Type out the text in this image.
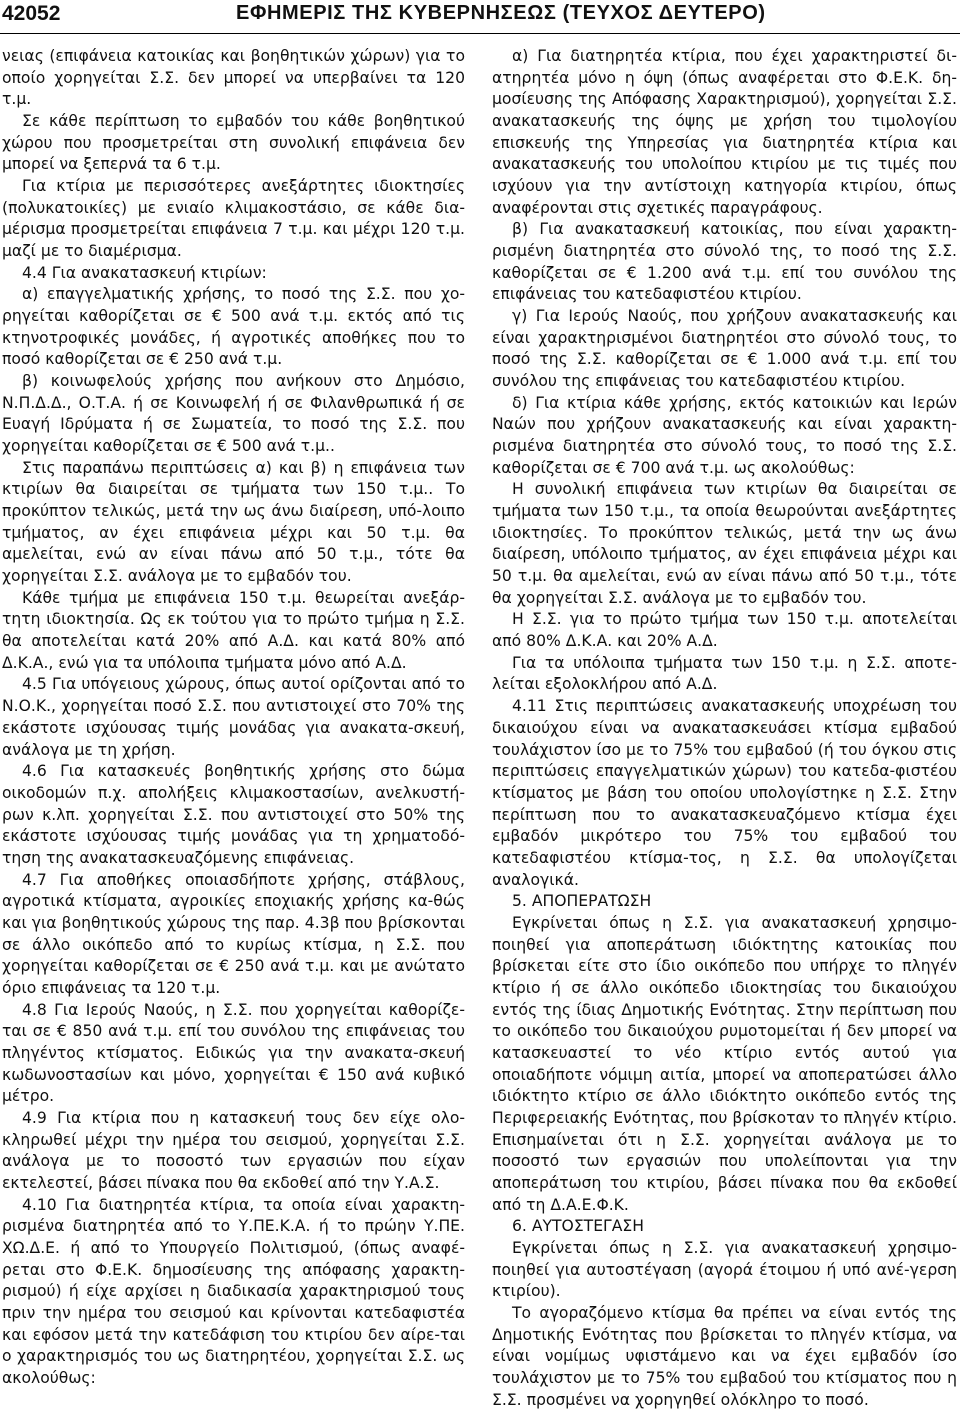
42052	ΕΦΗΜΕΡΙΣ ΤΗΣ ΚΥΒΕΡΝΗΣΕΩΣ (ΤΕΥΧΟΣ ΔΕΥΤΕΡΟ)

νειας (επιφάνεια κατοικίας και βοηθητικών χώρων) για το οποίο χορηγείται Σ.Σ. δεν μπορεί να υπερβαίνει τα 120 τ.μ.

Σε κάθε περίπτωση το εμβαδόν του κάθε βοηθητικού χώρου που προσμετρείται στη συνολική επιφάνεια δεν μπορεί να ξεπερνά τα 6 τ.μ.

Για κτίρια με περισσότερες ανεξάρτητες ιδιοκτησίες (πολυκατοικίες) με ενιαίο κλιμακοστάσιο, σε κάθε δια-μέρισμα προσμετρείται επιφάνεια 7 τ.μ. και μέχρι 120 τ.μ. μαζί με το διαμέρισμα.

4.4 Για ανακατασκευή κτιρίων:

α) επαγγελματικής χρήσης, το ποσό της Σ.Σ. που χο-ρηγείται καθορίζεται σε € 500 ανά τ.μ. εκτός από τις κτηνοτροφικές μονάδες, ή αγροτικές αποθήκες που το ποσό καθορίζεται σε € 250 ανά τ.μ.

β) κοινωφελούς χρήσης που ανήκουν στο Δημόσιο, Ν.Π.Δ.Δ., Ο.Τ.Α. ή σε Κοινωφελή ή σε Φιλανθρωπικά ή σε Ευαγή Ιδρύματα ή σε Σωματεία, το ποσό της Σ.Σ. που χορηγείται καθορίζεται σε € 500 ανά τ.μ..

Στις παραπάνω περιπτώσεις α) και β) η επιφάνεια των κτιρίων θα διαιρείται σε τμήματα των 150 τ.μ.. Το προκύπτον τελικώς, μετά την ως άνω διαίρεση, υπό-λοιπο τμήματος, αν έχει επιφάνεια μέχρι και 50 τ.μ. θα αμελείται, ενώ αν είναι πάνω από 50 τ.μ., τότε θα χορηγείται Σ.Σ. ανάλογα με το εμβαδόν του.

Κάθε τμήμα με επιφάνεια 150 τ.μ. θεωρείται ανεξάρ-τητη ιδιοκτησία. Ως εκ τούτου για το πρώτο τμήμα η Σ.Σ. θα αποτελείται κατά 20% από Α.Δ. και κατά 80% από Δ.Κ.Α., ενώ για τα υπόλοιπα τμήματα μόνο από Α.Δ.

4.5 Για υπόγειους χώρους, όπως αυτοί ορίζονται από το Ν.Ο.Κ., χορηγείται ποσό Σ.Σ. που αντιστοιχεί στο 70% της εκάστοτε ισχύουσας τιμής μονάδας για ανακατα-σκευή, ανάλογα με τη χρήση.

4.6 Για κατασκευές βοηθητικής χρήσης στο δώμα οικοδομών π.χ. απολήξεις κλιμακοστασίων, ανελκυστή-ρων κ.λπ. χορηγείται Σ.Σ. που αντιστοιχεί στο 50% της εκάστοτε ισχύουσας τιμής μονάδας για τη χρηματοδό-τηση της ανακατασκευαζόμενης επιφάνειας.

4.7 Για αποθήκες οποιασδήποτε χρήσης, στάβλους, αγροτικά κτίσματα, αγροικίες εποχιακής χρήσης κα-θώς και για βοηθητικούς χώρους της παρ. 4.3β που βρίσκονται σε άλλο οικόπεδο από το κυρίως κτίσμα, η Σ.Σ. που χορηγείται καθορίζεται σε € 250 ανά τ.μ. και με ανώτατο όριο επιφάνειας τα 120 τ.μ.

4.8 Για Ιερούς Ναούς, η Σ.Σ. που χορηγείται καθορίζε-ται σε € 850 ανά τ.μ. επί του συνόλου της επιφάνειας του πληγέντος κτίσματος. Ειδικώς για την ανακατα-σκευή κωδωνοστασίων και μόνο, χορηγείται € 150 ανά κυβικό μέτρο.

4.9 Για κτίρια που η κατασκευή τους δεν είχε ολο-κληρωθεί μέχρι την ημέρα του σεισμού, χορηγείται Σ.Σ. ανάλογα με το ποσοστό των εργασιών που είχαν εκτελεστεί, βάσει πίνακα που θα εκδοθεί από την Υ.Α.Σ.

4.10 Για διατηρητέα κτίρια, τα οποία είναι χαρακτη-ρισμένα διατηρητέα από το Υ.ΠΕ.Κ.Α. ή το πρώην Υ.ΠΕ. ΧΩ.Δ.Ε. ή από το Υπουργείο Πολιτισμού, (όπως αναφέ-ρεται στο Φ.Ε.Κ. δημοσίευσης της απόφασης χαρακτη-ρισμού) ή είχε αρχίσει η διαδικασία χαρακτηρισμού τους πριν την ημέρα του σεισμού και κρίνονται κατεδαφιστέα και εφόσον μετά την κατεδάφιση του κτιρίου δεν αίρε-ται ο χαρακτηρισμός του ως διατηρητέου, χορηγείται Σ.Σ. ως ακολούθως:

α) Για διατηρητέα κτίρια, που έχει χαρακτηριστεί δι-ατηρητέα μόνο η όψη (όπως αναφέρεται στο Φ.Ε.Κ. δη-μοσίευσης της Απόφασης Χαρακτηρισμού), χορηγείται Σ.Σ. ανακατασκευής της όψης με χρήση του τιμολογίου επισκευής της Υπηρεσίας για διατηρητέα κτίρια και ανακατασκευής του υπολοίπου κτιρίου με τις τιμές που ισχύουν για την αντίστοιχη κατηγορία κτιρίου, όπως αναφέρονται στις σχετικές παραγράφους.

β) Για ανακατασκευή κατοικίας, που είναι χαρακτη-ρισμένη διατηρητέα στο σύνολό της, το ποσό της Σ.Σ. καθορίζεται σε € 1.200 ανά τ.μ. επί του συνόλου της επιφάνειας του κατεδαφιστέου κτιρίου.

γ) Για Ιερούς Ναούς, που χρήζουν ανακατασκευής και είναι χαρακτηρισμένοι διατηρητέοι στο σύνολό τους, το ποσό της Σ.Σ. καθορίζεται σε € 1.000 ανά τ.μ. επί του συνόλου της επιφάνειας του κατεδαφιστέου κτιρίου.

δ) Για κτίρια κάθε χρήσης, εκτός κατοικιών και Ιερών Ναών που χρήζουν ανακατασκευής και είναι χαρακτη-ρισμένα διατηρητέα στο σύνολό τους, το ποσό της Σ.Σ. καθορίζεται σε € 700 ανά τ.μ. ως ακολούθως:

Η συνολική επιφάνεια των κτιρίων θα διαιρείται σε τμήματα των 150 τ.μ., τα οποία θεωρούνται ανεξάρτητες ιδιοκτησίες. Το προκύπτον τελικώς, μετά την ως άνω διαίρεση, υπόλοιπο τμήματος, αν έχει επιφάνεια μέχρι και 50 τ.μ. θα αμελείται, ενώ αν είναι πάνω από 50 τ.μ., τότε θα χορηγείται Σ.Σ. ανάλογα με το εμβαδόν του.

Η Σ.Σ. για το πρώτο τμήμα των 150 τ.μ. αποτελείται από 80% Δ.Κ.Α. και 20% Α.Δ.

Για τα υπόλοιπα τμήματα των 150 τ.μ. η Σ.Σ. αποτε-λείται εξολοκλήρου από Α.Δ.

4.11 Στις περιπτώσεις ανακατασκευής υποχρέωση του δικαιούχου είναι να ανακατασκευάσει κτίσμα εμβαδού τουλάχιστον ίσο με το 75% του εμβαδού (ή του όγκου στις περιπτώσεις επαγγελματικών χώρων) του κατεδα-φιστέου κτίσματος με βάση του οποίου υπολογίστηκε η Σ.Σ. Στην περίπτωση που το ανακατασκευαζόμενο κτίσμα έχει εμβαδόν μικρότερο του 75% του εμβαδού του κατεδαφιστέου κτίσμα-τος, η Σ.Σ. θα υπολογίζεται αναλογικά.

5. ΑΠΟΠΕΡΑΤΩΣΗ

Εγκρίνεται όπως η Σ.Σ. για ανακατασκευή χρησιμο-ποιηθεί για αποπεράτωση ιδιόκτητης κατοικίας που βρίσκεται είτε στο ίδιο οικόπεδο που υπήρχε το πληγέν κτίριο ή σε άλλο οικόπεδο ιδιοκτησίας του δικαιούχου εντός της ίδιας Δημοτικής Ενότητας. Στην περίπτωση που το οικόπεδο του δικαιούχου ρυμοτομείται ή δεν μπορεί να κατασκευαστεί το νέο κτίριο εντός αυτού για οποιαδήποτε νόμιμη αιτία, μπορεί να αποπερατώσει άλλο ιδιόκτητο κτίριο σε άλλο ιδιόκτητο οικόπεδο εντός της Περιφερειακής Ενότητας, που βρίσκοταν το πληγέν κτίριο. Επισημαίνεται ότι η Σ.Σ. χορηγείται ανάλογα με το ποσοστό των εργασιών που υπολείπονται για την αποπεράτωση του κτιρίου, βάσει πίνακα που θα εκδοθεί από τη Δ.Α.Ε.Φ.Κ.

6. ΑΥΤΟΣΤΕΓΑΣΗ

Εγκρίνεται όπως η Σ.Σ. για ανακατασκευή χρησιμο-ποιηθεί για αυτοστέγαση (αγορά έτοιμου ή υπό ανέ-γερση κτιρίου).

Το αγοραζόμενο κτίσμα θα πρέπει να είναι εντός της Δημοτικής Ενότητας που βρίσκεται το πληγέν κτίσμα, να είναι νομίμως υφιστάμενο και να έχει εμβαδόν ίσο τουλάχιστον με το 75% του εμβαδού του κτίσματος που η Σ.Σ. προσμένει να χορηγηθεί ολόκληρο το ποσό.
